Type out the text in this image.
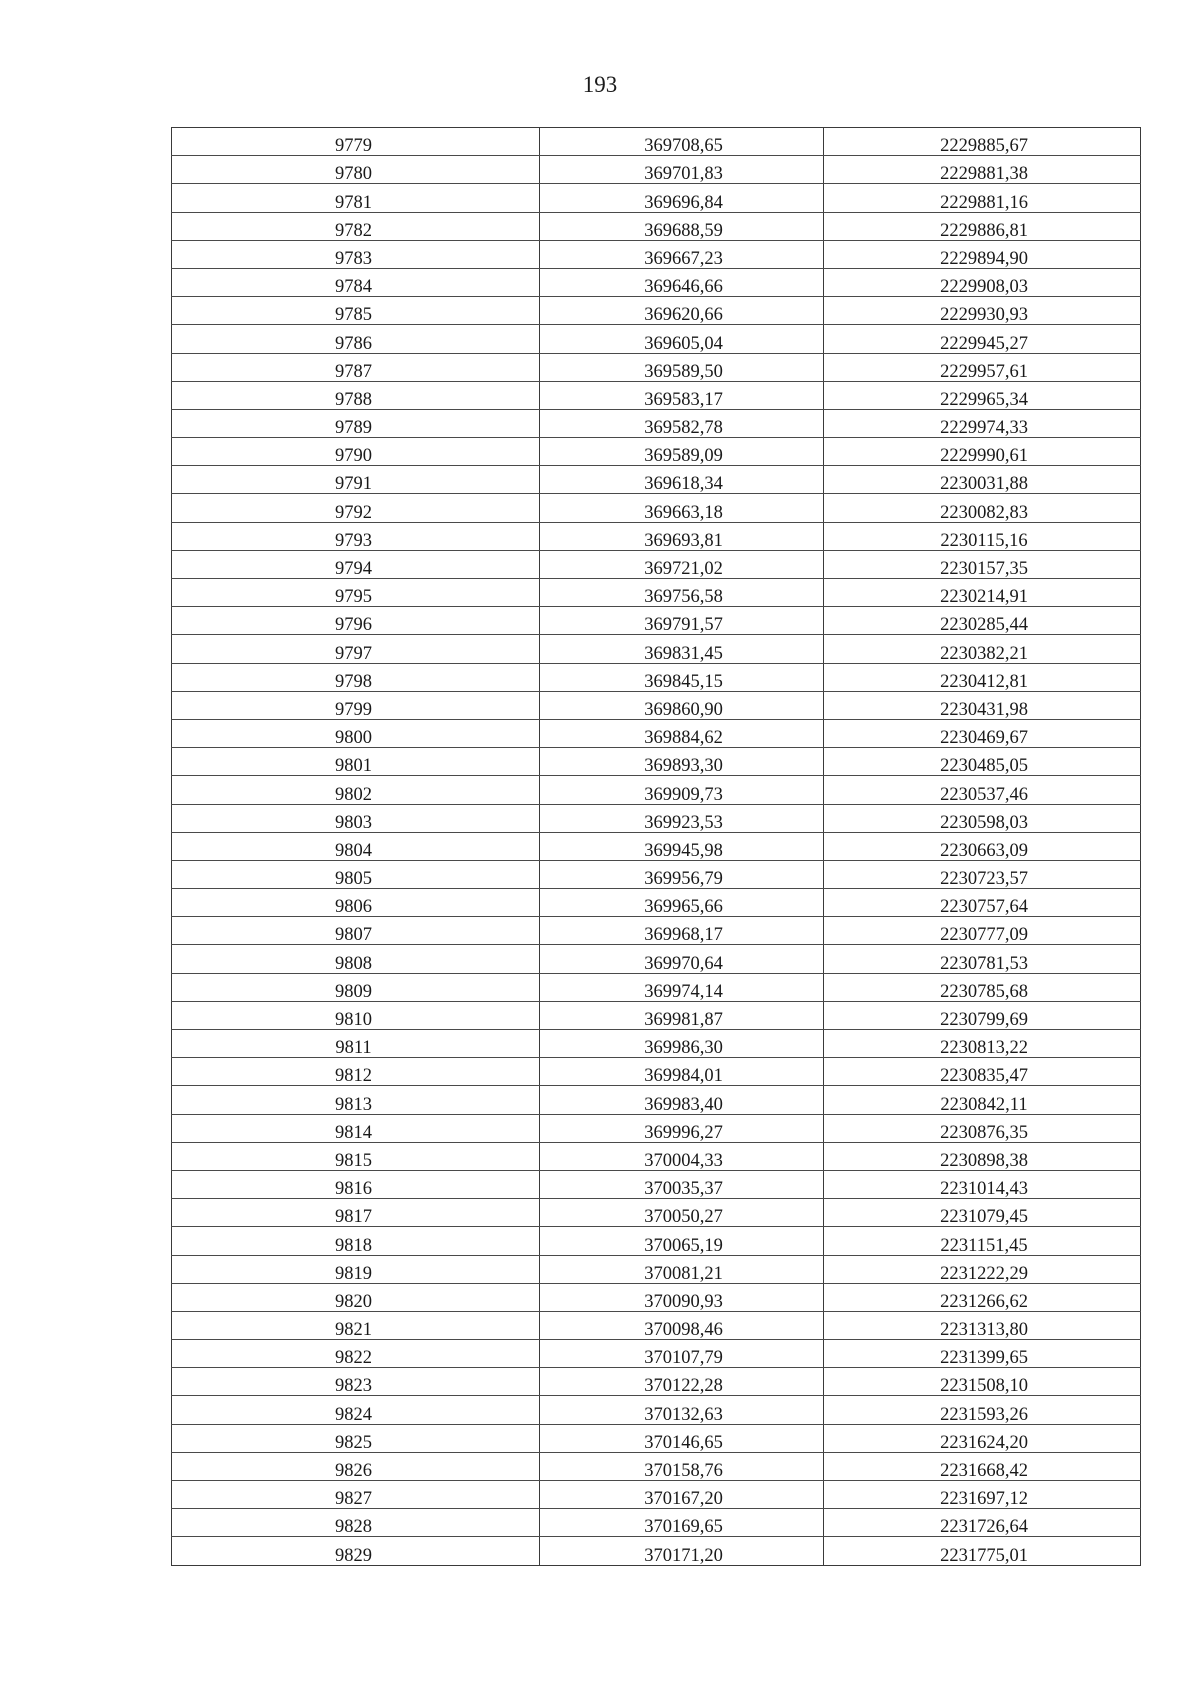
193
9779	369708,65	2229885,67
9780	369701,83	2229881,38
9781	369696,84	2229881,16
9782	369688,59	2229886,81
9783	369667,23	2229894,90
9784	369646,66	2229908,03
9785	369620,66	2229930,93
9786	369605,04	2229945,27
9787	369589,50	2229957,61
9788	369583,17	2229965,34
9789	369582,78	2229974,33
9790	369589,09	2229990,61
9791	369618,34	2230031,88
9792	369663,18	2230082,83
9793	369693,81	2230115,16
9794	369721,02	2230157,35
9795	369756,58	2230214,91
9796	369791,57	2230285,44
9797	369831,45	2230382,21
9798	369845,15	2230412,81
9799	369860,90	2230431,98
9800	369884,62	2230469,67
9801	369893,30	2230485,05
9802	369909,73	2230537,46
9803	369923,53	2230598,03
9804	369945,98	2230663,09
9805	369956,79	2230723,57
9806	369965,66	2230757,64
9807	369968,17	2230777,09
9808	369970,64	2230781,53
9809	369974,14	2230785,68
9810	369981,87	2230799,69
9811	369986,30	2230813,22
9812	369984,01	2230835,47
9813	369983,40	2230842,11
9814	369996,27	2230876,35
9815	370004,33	2230898,38
9816	370035,37	2231014,43
9817	370050,27	2231079,45
9818	370065,19	2231151,45
9819	370081,21	2231222,29
9820	370090,93	2231266,62
9821	370098,46	2231313,80
9822	370107,79	2231399,65
9823	370122,28	2231508,10
9824	370132,63	2231593,26
9825	370146,65	2231624,20
9826	370158,76	2231668,42
9827	370167,20	2231697,12
9828	370169,65	2231726,64
9829	370171,20	2231775,01
